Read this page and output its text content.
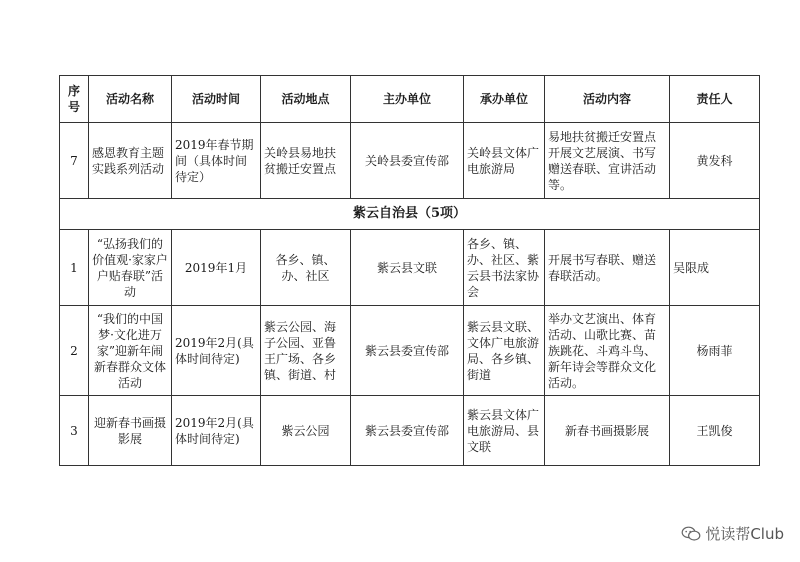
序号	活动名称	活动时间	活动地点	主办单位	承办单位	活动内容	责任人
7	感恩教育主题实践系列活动	2019年春节期间（具体时间待定）	关岭县易地扶贫搬迁安置点	关岭县委宣传部	关岭县文体广电旅游局	易地扶贫搬迁安置点开展文艺展演、书写赠送春联、宣讲活动等。	黄发科
紫云自治县（5项）							
1	“弘扬我们的价值观·家家户户贴春联”活动	2019年1月	各乡、镇、办、社区	紫云县文联	各乡、镇、办、社区、紫云县书法家协会	开展书写春联、赠送春联活动。	吴限成
2	“我们的中国梦·文化进万家”迎新年闹新春群众文体活动	2019年2月(具体时间待定)	紫云公园、海子公园、亚鲁王广场、各乡镇、街道、村	紫云县委宣传部	紫云县文联、文体广电旅游局、各乡镇、街道	举办文艺演出、体育活动、山歌比赛、苗族跳花、斗鸡斗鸟、新年诗会等群众文化活动。	杨雨菲
3	迎新春书画摄影展	2019年2月(具体时间待定)	紫云公园	紫云县委宣传部	紫云县文体广电旅游局、县文联	新春书画摄影展	王凯俊
悦读帮Club
